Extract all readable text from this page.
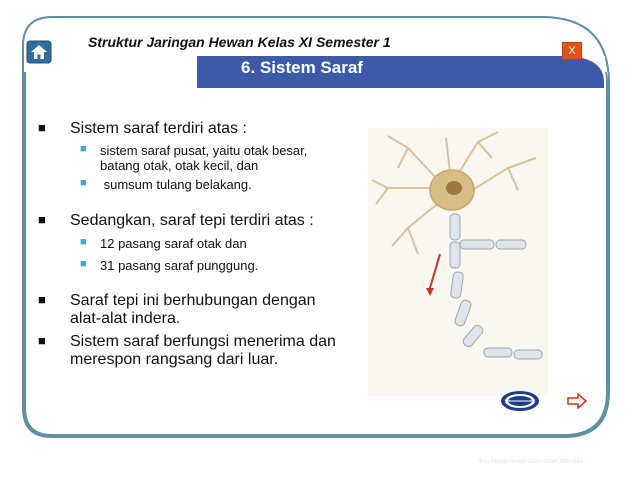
Struktur Jaringan Hewan Kelas XI Semester 1
6. Sistem Saraf
X
■ Sistem saraf terdiri atas :
■ sistem saraf pusat, yaitu otak besar,
batang otak, otak kecil, dan
■ sumsum tulang belakang.
■ Sedangkan, saraf tepi terdiri atas :
■ 12 pasang saraf otak dan
■ 31 pasang saraf punggung.
■ Saraf tepi ini berhubungan dengan
alat-alat indera.
■ Sistem saraf berfungsi menerima dan
merespon rangsang dari luar.
Ilmu Pengetahuan Alam untuk SMA/MA
